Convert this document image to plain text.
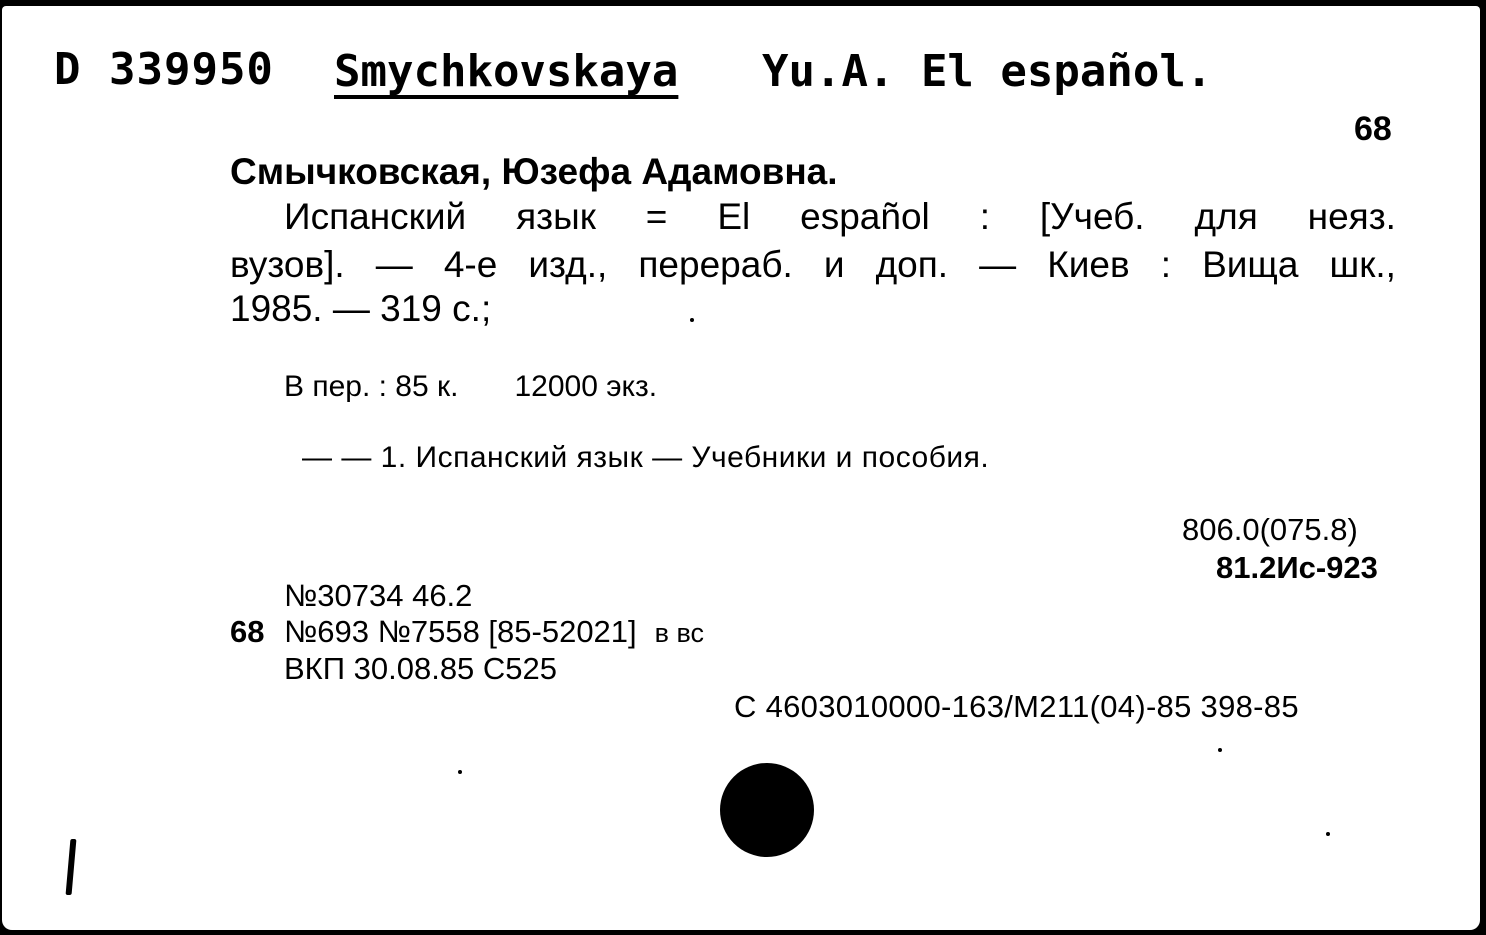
D 339950 Smychkovskaya Yu.A. El español.
68
Смычковская, Юзефа Адамовна.
Испанский язык = El español : [Учеб. для неяз.
вузов]. — 4-е изд., перераб. и доп. — Киев : Вища шк.,
1985. — 319 с.;
В пер. : 85 к. 12000 экз.
— — 1. Испанский язык — Учебники и пособия.
806.0(075.8)
81.2Ис-923
№30734 46.2
68 №693 №7558 [85-52021] в вс
ВКП 30.08.85 С525
С 4603010000-163/М211(04)-85 398-85
